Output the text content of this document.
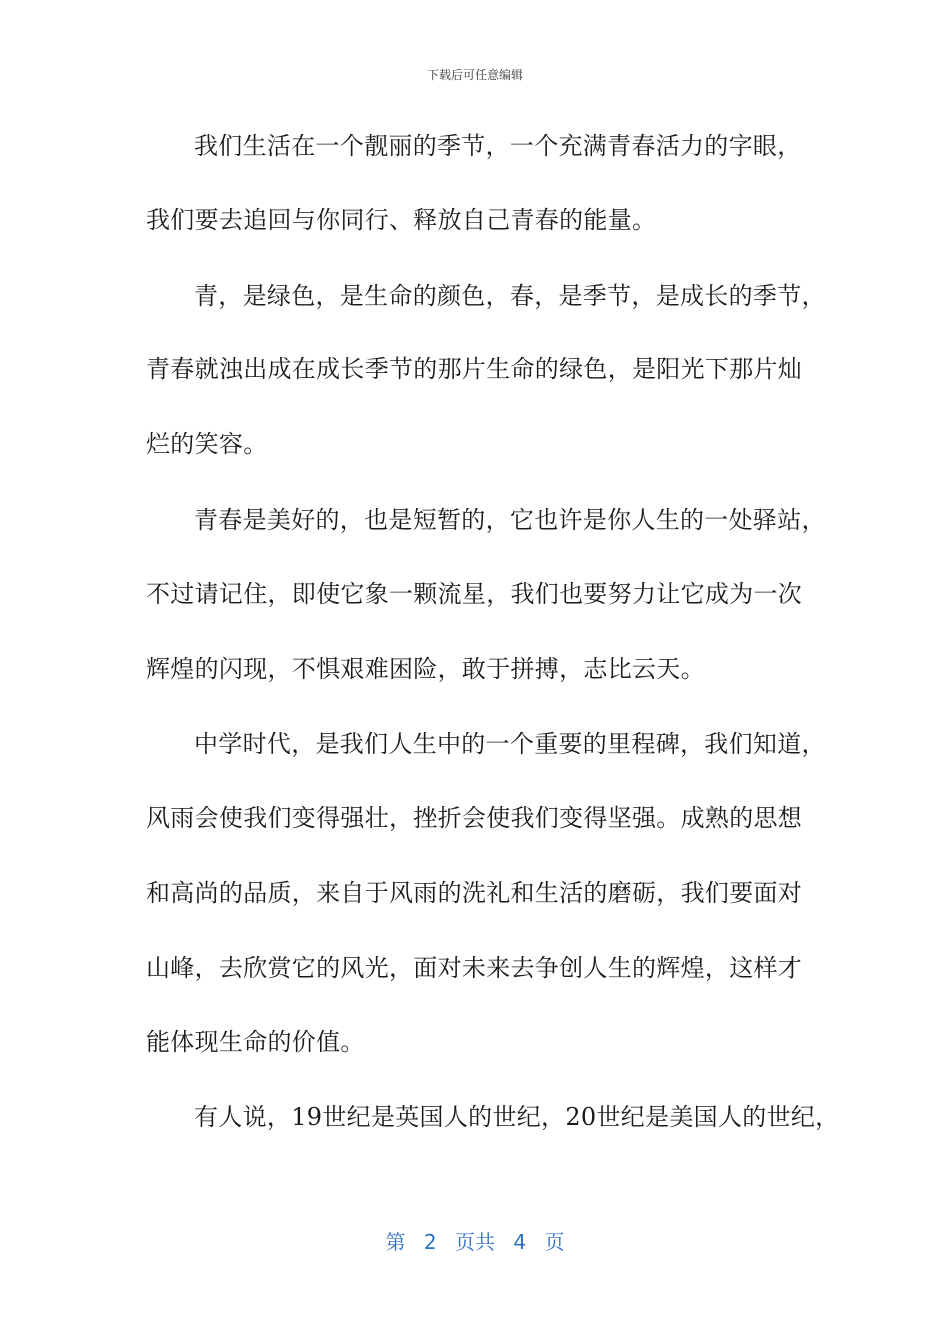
下载后可任意编辑
我们生活在一个靓丽的季节，一个充满青春活力的字眼，
我们要去追回与你同行、释放自己青春的能量。
青，是绿色，是生命的颜色，春，是季节，是成长的季节，
青春就浊出成在成长季节的那片生命的绿色，是阳光下那片灿
烂的笑容。
青春是美好的，也是短暂的，它也许是你人生的一处驿站，
不过请记住，即使它象一颗流星，我们也要努力让它成为一次
辉煌的闪现，不惧艰难困险，敢于拼搏，志比云天。
中学时代，是我们人生中的一个重要的里程碑，我们知道，
风雨会使我们变得强壮，挫折会使我们变得坚强。成熟的思想
和高尚的品质，来自于风雨的洗礼和生活的磨砺，我们要面对
山峰，去欣赏它的风光，面对未来去争创人生的辉煌，这样才
能体现生命的价值。
有人说，19世纪是英国人的世纪，20世纪是美国人的世纪，
第 2 页共 4 页
